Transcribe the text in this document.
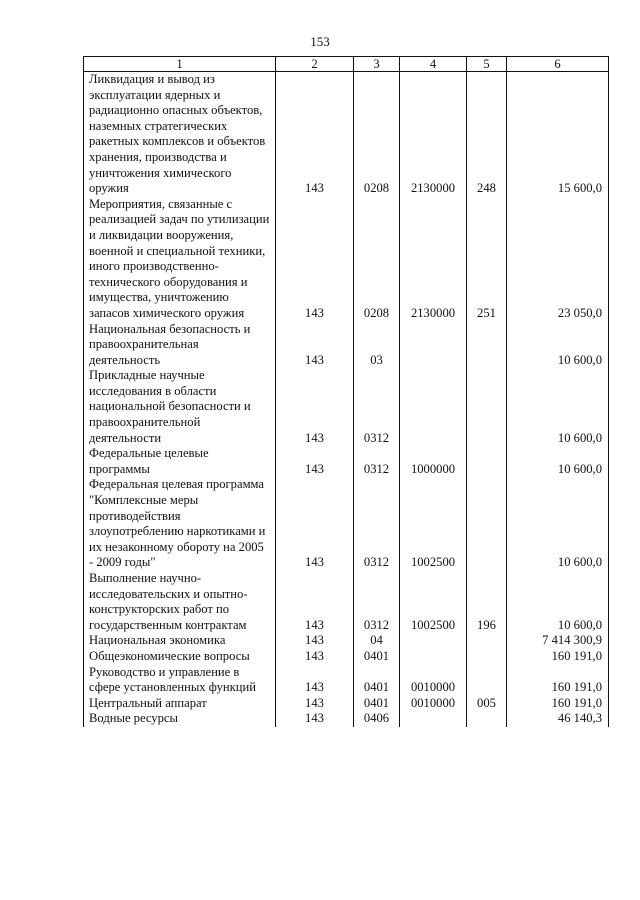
153
1	2	3	4	5	6
Ликвидация и вывод из эксплуатации ядерных и радиационно опасных объектов, наземных стратегических ракетных комплексов и объектов хранения, производства и уничтожения химического оружия	143	0208	2130000	248	15 600,0
Мероприятия, связанные с реализацией задач по утилизации и ликвидации вооружения, военной и специальной техники, иного производственно-технического оборудования и имущества, уничтожению запасов химического оружия	143	0208	2130000	251	23 050,0
Национальная безопасность и правоохранительная деятельность	143	03			10 600,0
Прикладные научные исследования в области национальной безопасности и правоохранительной деятельности	143	0312			10 600,0
Федеральные целевые программы	143	0312	1000000		10 600,0
Федеральная целевая программа "Комплексные меры противодействия злоупотреблению наркотиками и их незаконному обороту на 2005 - 2009 годы"	143	0312	1002500		10 600,0
Выполнение научно-исследовательских и опытно-конструкторских работ по государственным контрактам	143	0312	1002500	196	10 600,0
Национальная экономика	143	04			7 414 300,9
Общеэкономические вопросы	143	0401			160 191,0
Руководство и управление в сфере установленных функций	143	0401	0010000		160 191,0
Центральный аппарат	143	0401	0010000	005	160 191,0
Водные ресурсы	143	0406			46 140,3
